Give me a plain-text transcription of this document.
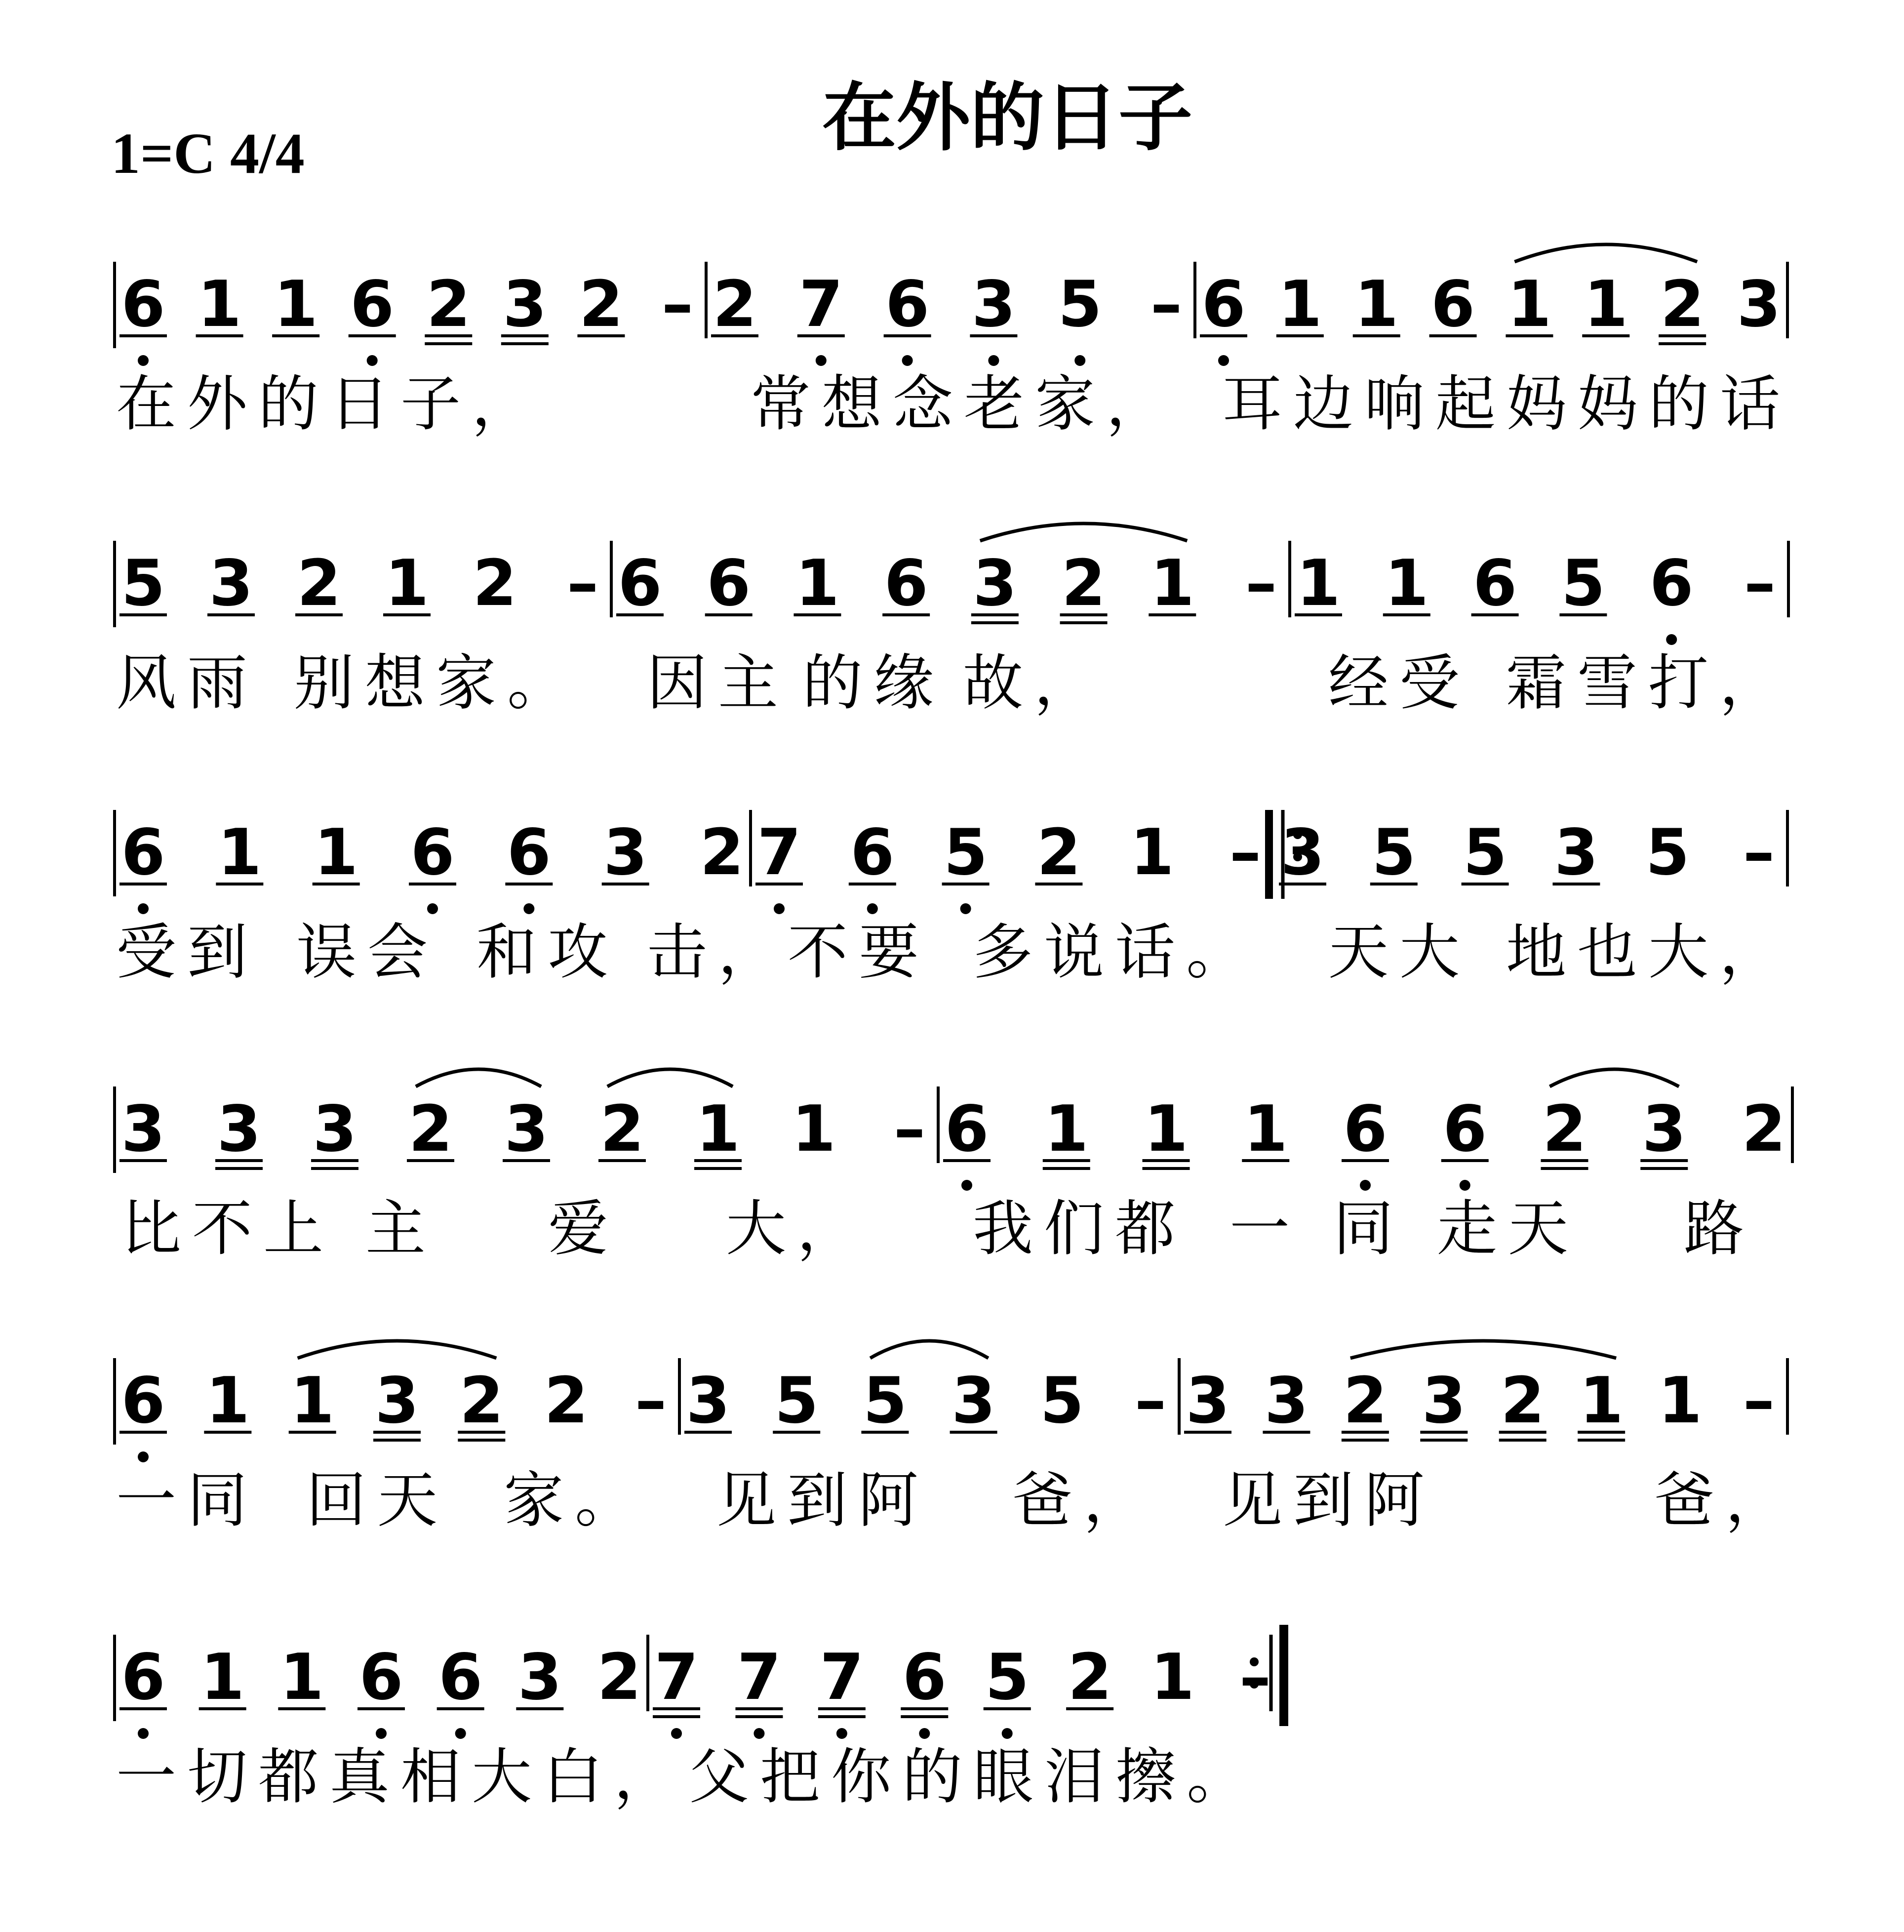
1=C 4/4	在外的日子
6 1 1 6 2 3 2 – 2 7 6 3 5 – 6 1 1 6 1 1 2 3
在外的日子，	常想念老家， 耳边响起妈妈的话
5 3 2 1 2 – 6 6 1 6 3 2 1 – 1 1 6 5 6 –
风雨 别想家。 因主 的缘 故，	经受 霜雪打，
6 1 1 6 6 3 2 7 6 5 2 1 – 3 5 5 3 5 –
受到 误会 和攻 击，
不要 多说话。 天大 地也大，
3 3 3 2 3 2 1 1 – 6 1 1 1 6 6 2 3 2
比不上 主 爱 大， 我们都 一 同 走天 路
6 1 1 3 2 2 – 3 5 5 3 5 – 3 3 2 3 2 1 1 –
一同 回天 家。 见到阿 爸， 见到阿	爸，
6 1 1 6 6 3 2 7 7 7 6 5 2 1 –
一切都真相大白， 父把你的眼泪擦。
